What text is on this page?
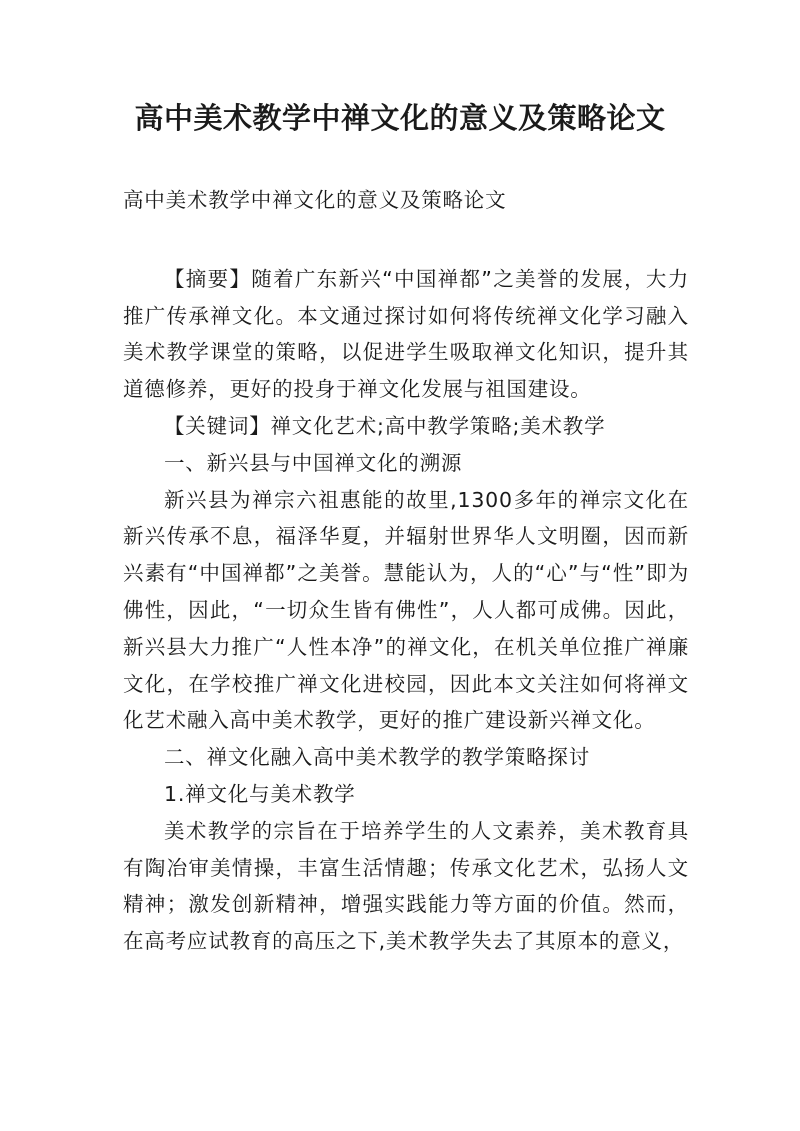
高中美术教学中禅文化的意义及策略论文

高中美术教学中禅文化的意义及策略论文

【摘要】随着广东新兴“中国禅都”之美誉的发展，大力推广传承禅文化。本文通过探讨如何将传统禅文化学习融入美术教学课堂的策略，以促进学生吸取禅文化知识，提升其道德修养，更好的投身于禅文化发展与祖国建设。

【关键词】禅文化艺术;高中教学策略;美术教学

一、新兴县与中国禅文化的溯源

新兴县为禅宗六祖惠能的故里,1300多年的禅宗文化在新兴传承不息，福泽华夏，并辐射世界华人文明圈，因而新兴素有“中国禅都”之美誉。慧能认为，人的“心”与“性”即为佛性，因此，“一切众生皆有佛性”，人人都可成佛。因此，新兴县大力推广“人性本净”的禅文化，在机关单位推广禅廉文化，在学校推广禅文化进校园，因此本文关注如何将禅文化艺术融入高中美术教学，更好的推广建设新兴禅文化。

二、禅文化融入高中美术教学的教学策略探讨

1.禅文化与美术教学

美术教学的宗旨在于培养学生的人文素养，美术教育具有陶冶审美情操，丰富生活情趣；传承文化艺术，弘扬人文精神；激发创新精神，增强实践能力等方面的价值。然而，在高考应试教育的高压之下,美术教学失去了其原本的意义，
